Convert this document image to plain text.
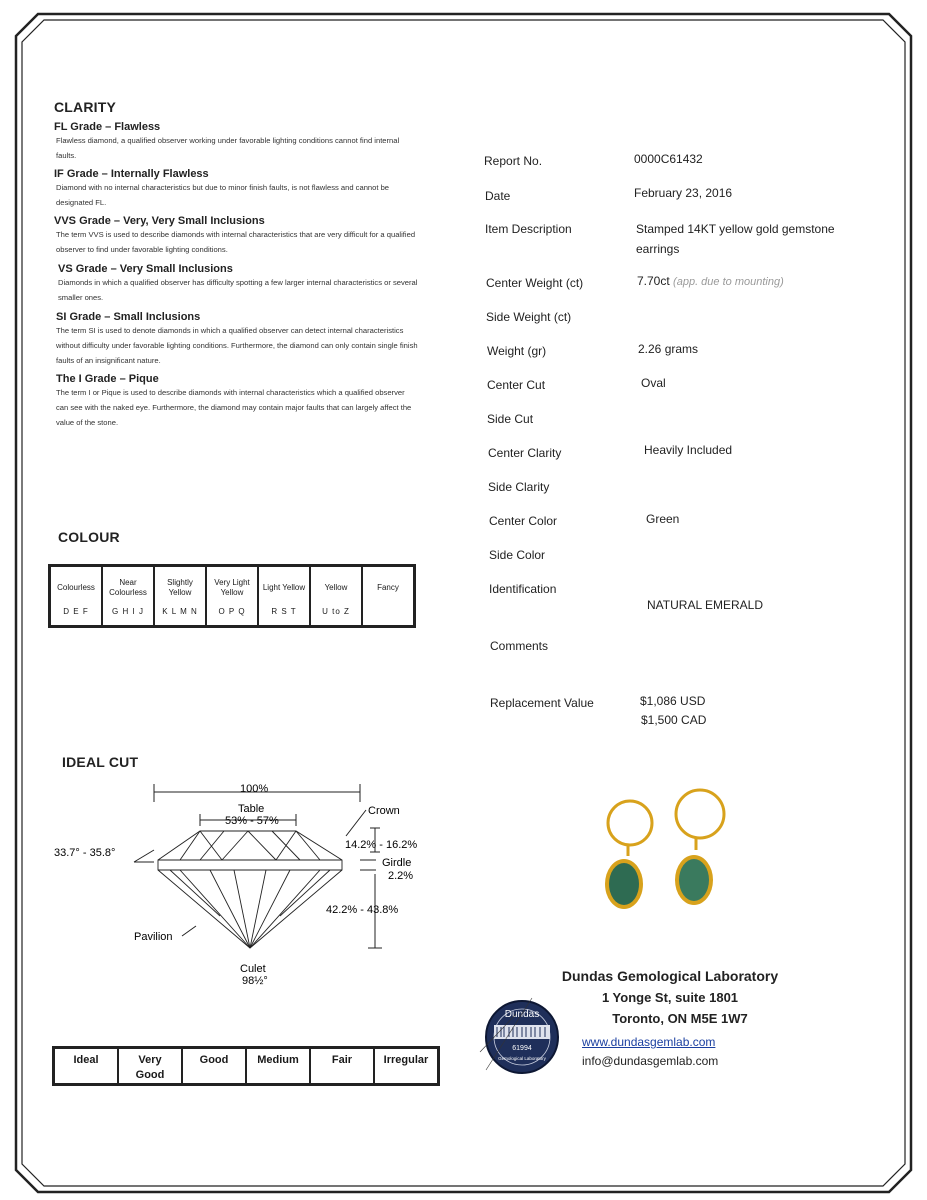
CLARITY
FL Grade – Flawless
Flawless diamond, a qualified observer working under favorable lighting conditions cannot find internal faults.
IF Grade – Internally Flawless
Diamond with no internal characteristics but due to minor finish faults, is not flawless and cannot be designated FL.
VVS Grade – Very, Very Small Inclusions
The term VVS is used to describe diamonds with internal characteristics that are very difficult for a qualified observer to find under favorable lighting conditions.
VS Grade – Very Small Inclusions
Diamonds in which a qualified observer has difficulty spotting a few larger internal characteristics or several smaller ones.
SI Grade – Small Inclusions
The term SI is used to denote diamonds in which a qualified observer can detect internal characteristics without difficulty under favorable lighting conditions. Furthermore, the diamond can only contain single finish faults of an insignificant nature.
The I Grade – Pique
The term I or Pique is used to describe diamonds with internal characteristics which a qualified observer can see with the naked eye. Furthermore, the diamond may contain major faults that can largely affect the value of the stone.
COLOUR
Colourless
D E F

Near Colourless
G H I J

Slightly Yellow
K L M N

Very Light Yellow
O P Q

Light Yellow
R S T

Yellow
U to Z

Fancy
IDEAL CUT
100%
Table
53% - 57%
Crown
33.7° - 35.8°
14.2% - 16.2%
Girdle
2.2%
42.2% - 43.8%
Pavilion
Culet
98½°
Ideal	Very Good	Good	Medium	Fair	Irregular
Report No.	0000C61432
Date	February 23, 2016
Item Description	Stamped 14KT yellow gold gemstone earrings
Center Weight (ct)	7.70ct (app. due to mounting)
Side Weight (ct)
Weight (gr)	2.26 grams
Center Cut	Oval
Side Cut
Center Clarity	Heavily Included
Side Clarity
Center Color	Green
Side Color
Identification
NATURAL EMERALD
Comments
Replacement Value	$1,086 USD
$1,500 CAD
Dundas Gemological Laboratory
1 Yonge St, suite 1801
Toronto, ON M5E 1W7
www.dundasgemlab.com
info@dundasgemlab.com
Dundas
61994
Gemological Laboratory
